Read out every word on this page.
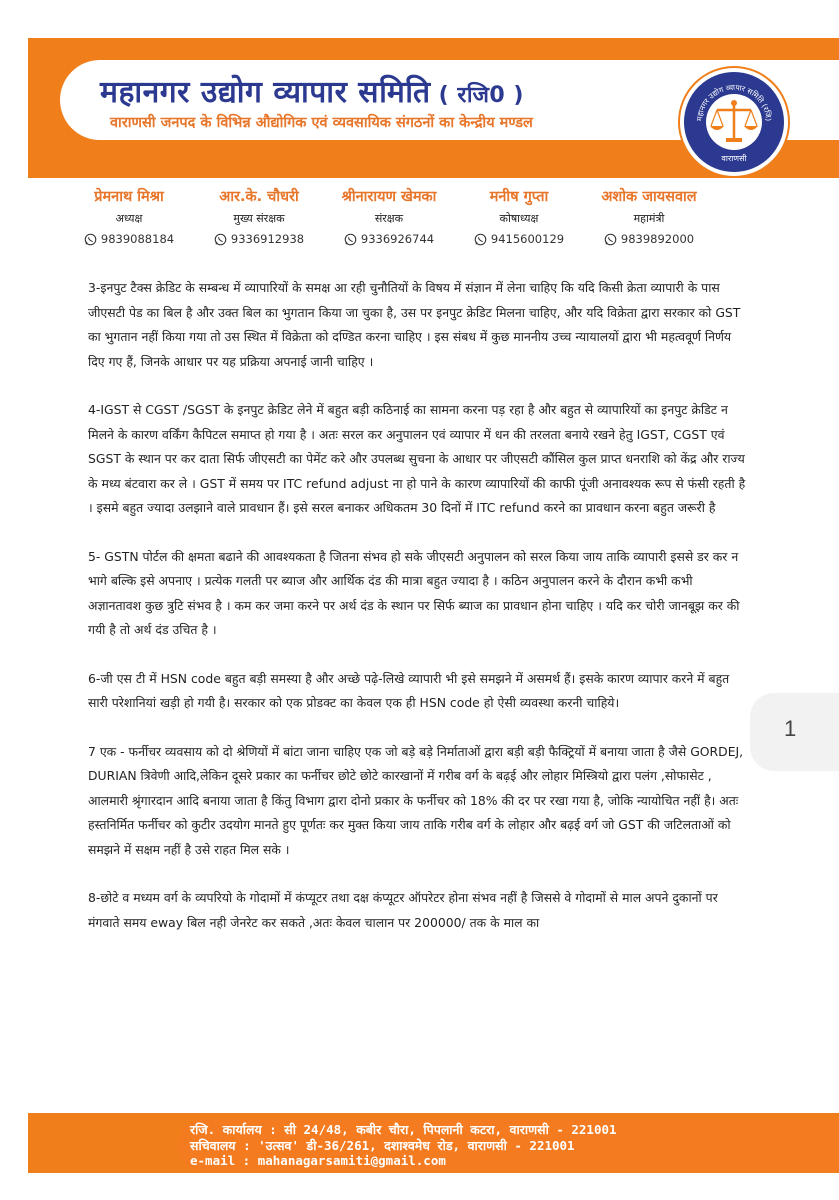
महानगर उद्योग व्यापार समिति ( रजि0 )
वाराणसी जनपद के विभिन्न औद्योगिक एवं व्यवसायिक संगठनों का केन्द्रीय मण्डल	महानगर उद्योग व्यापार समिति (रजि)
वाराणसी
प्रेमनाथ मिश्रा
अध्यक्ष
9839088184
आर.के. चौधरी
मुख्य संरक्षक
9336912938
श्रीनारायण खेमका
संरक्षक
9336926744
मनीष गुप्ता
कोषाध्यक्ष
9415600129
अशोक जायसवाल
महामंत्री
9839892000

3-इनपुट टैक्स क्रेडिट के सम्बन्ध में व्यापारियों के समक्ष आ रही चुनौतियों के विषय में संज्ञान में लेना चाहिए कि यदि किसी क्रेता व्यापारी के पास जीएसटी पेड का बिल है और उक्त बिल का भुगतान किया जा चुका है, उस पर इनपुट क्रेडिट मिलना चाहिए, और यदि विक्रेता द्वारा सरकार को GST का भुगतान नहीं किया गया तो उस स्थित में विक्रेता को दण्डित करना चाहिए । इस संबध में कुछ माननीय उच्च न्यायालयों द्वारा भी महत्ववूर्ण निर्णय दिए गए हैं, जिनके आधार पर यह प्रक्रिया अपनाई जानी चाहिए ।

4-IGST से CGST /SGST के इनपुट क्रेडिट लेने में बहुत बड़ी कठिनाई का सामना करना पड़ रहा है और बहुत से व्यापारियों का इनपुट क्रेडिट न मिलने के कारण वर्किंग कैपिटल समाप्त हो गया है । अतः सरल कर अनुपालन एवं व्यापार में धन की तरलता बनाये रखने हेतु IGST, CGST एवं SGST के स्थान पर कर दाता सिर्फ जीएसटी का पेमेंट करे और उपलब्ध सुचना के आधार पर जीएसटी कौंसिल कुल प्राप्त धनराशि को केंद्र और राज्य के मध्य बंटवारा कर ले । GST में समय पर ITC refund adjust ना हो पाने के कारण व्यापारियों की काफी पूंजी अनावश्यक रूप से फंसी रहती है । इसमे बहुत ज्यादा उलझाने वाले प्रावधान हैं। इसे सरल बनाकर अधिकतम 30 दिनों में ITC refund करने का प्रावधान करना बहुत जरूरी है

5- GSTN पोर्टल की क्षमता बढाने की आवश्यकता है जितना संभव हो सके जीएसटी अनुपालन को सरल किया जाय ताकि व्यापारी इससे डर कर न भागे बल्कि इसे अपनाए । प्रत्येक गलती पर ब्याज और आर्थिक दंड की मात्रा बहुत ज्यादा है । कठिन अनुपालन करने के दौरान कभी कभी अज्ञानतावश कुछ त्रुटि संभव है । कम कर जमा करने पर अर्थ दंड के स्थान पर सिर्फ ब्याज का प्रावधान होना चाहिए । यदि कर चोरी जानबूझ कर की गयी है तो अर्थ दंड उचित है ।

6-जी एस टी में HSN code बहुत बड़ी समस्या है और अच्छे पढ़े-लिखे व्यापारी भी इसे समझने में असमर्थ हैं। इसके कारण व्यापार करने में बहुत सारी परेशानियां खड़ी हो गयी है। सरकार को एक प्रोडक्ट का केवल एक ही HSN code हो ऐसी व्यवस्था करनी चाहिये।

7 एक - फर्नीचर व्यवसाय को दो श्रेणियों में बांटा जाना चाहिए एक जो बड़े बड़े निर्माताओं द्वारा बड़ी बड़ी फैक्ट्रियों में बनाया जाता है जैसे GORDEJ, DURIAN त्रिवेणी आदि,लेकिन दूसरे प्रकार का फर्नीचर छोटे छोटे कारखानों में गरीब वर्ग के बढ़ई और लोहार मिस्त्रियो द्वारा पलंग ,सोफासेट ,
आलमारी श्रृंगारदान आदि बनाया जाता है किंतु विभाग द्वारा दोनो प्रकार के फर्नीचर को 18% की दर पर रखा गया है, जोकि न्यायोचित नहीं है। अतः हस्तनिर्मित फर्नीचर को कुटीर उदयोग मानते हुए पूर्णतः कर मुक्त किया जाय ताकि गरीब वर्ग के लोहार और बढ़ई वर्ग जो GST की जटिलताओं को समझने में सक्षम नहीं है उसे राहत मिल सके ।

8-छोटे व मध्यम वर्ग के व्यपरियो के गोदामों में कंप्यूटर तथा दक्ष कंप्यूटर ऑपरेटर होना संभव नहीं है जिससे वे गोदामों से माल अपने दुकानों पर मंगवाते समय eway बिल नही जेनरेट कर सकते ,अतः केवल चालान पर 200000/ तक के माल का

1
रजि. कार्यालय : सी 24/48, कबीर चौरा, पिपलानी कटरा, वाराणसी - 221001
सचिवालय : 'उत्सव' डी-36/261, दशाश्वमेध रोड, वाराणसी - 221001
e-mail : mahanagarsamiti@gmail.com
